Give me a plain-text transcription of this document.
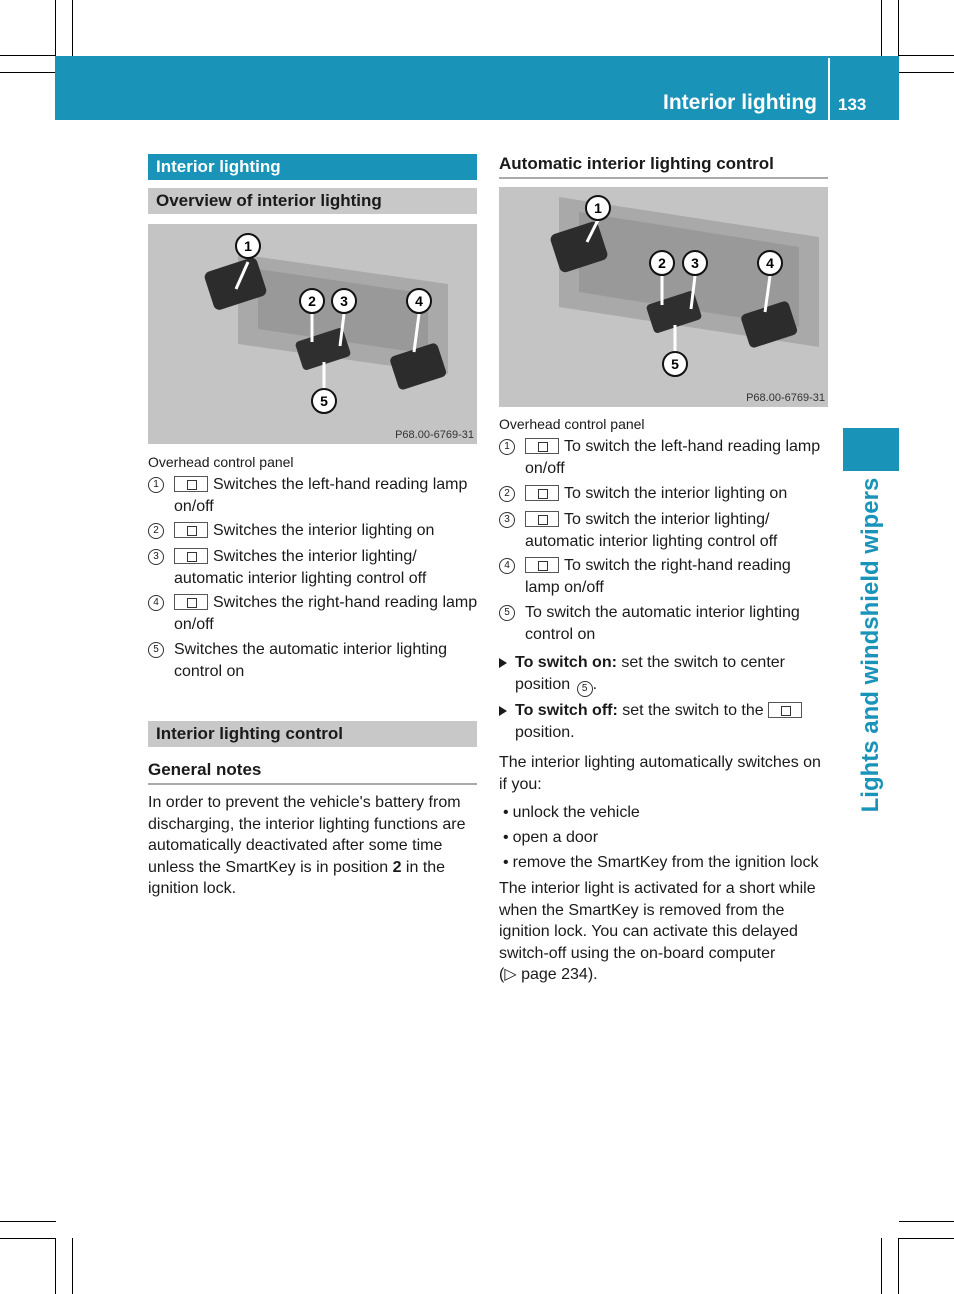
Interior lighting 133
Lights and windshield wipers
Interior lighting
Overview of interior lighting
1
2 3	4
5
P68.00-6769-31
Overhead control panel
1	Switches the left-hand reading lamp on/off
2	Switches the interior lighting on
3	Switches the interior lighting/ automatic interior lighting control off
4	Switches the right-hand reading lamp on/off
5 Switches the automatic interior lighting control on
Interior lighting control
General notes
In order to prevent the vehicle's battery from discharging, the interior lighting functions are automatically deactivated after some time unless the SmartKey is in position 2 in the ignition lock.
Automatic interior lighting control
1
2 3	4
5
P68.00-6769-31
Overhead control panel
1	To switch the left-hand reading lamp on/off
2	To switch the interior lighting on
3	To switch the interior lighting/ automatic interior lighting control off
4	To switch the right-hand reading lamp on/off
5 To switch the automatic interior lighting control on
To switch on: set the switch to center position 5 .
To switch off: set the switch to the
position.
The interior lighting automatically switches on if you:
• unlock the vehicle
• open a door
• remove the SmartKey from the ignition lock
The interior light is activated for a short while when the SmartKey is removed from the ignition lock. You can activate this delayed switch-off using the on-board computer
(▷ page 234).
